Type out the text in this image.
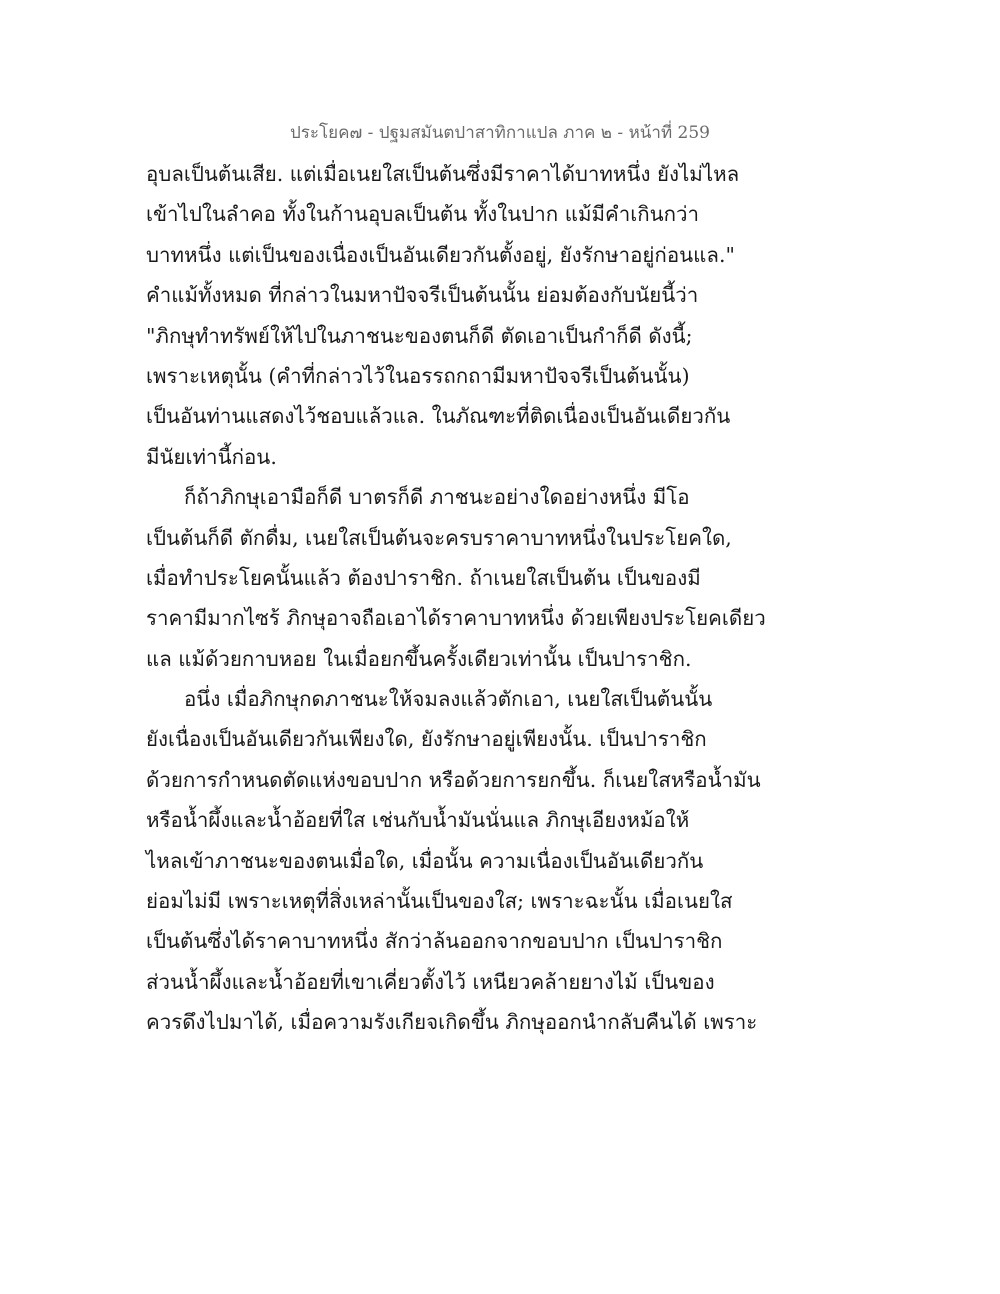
ประโยค๗ - ปฐมสมันตปาสาทิกาแปล ภาค ๒ - หน้าที่ 259
อุบลเป็นต้นเสีย. แต่เมื่อเนยใสเป็นต้นซึ่งมีราคาได้บาทหนึ่ง ยังไม่ไหล
เข้าไปในลำคอ ทั้งในก้านอุบลเป็นต้น ทั้งในปาก แม้มีคำเกินกว่า
บาทหนึ่ง แต่เป็นของเนื่องเป็นอันเดียวกันตั้งอยู่, ยังรักษาอยู่ก่อนแล."
คำแม้ทั้งหมด ที่กล่าวในมหาปัจจรีเป็นต้นนั้น ย่อมต้องกับนัยนี้ว่า
"ภิกษุทำทรัพย์ให้ไปในภาชนะของตนก็ดี ตัดเอาเป็นกำก็ดี ดังนี้;
เพราะเหตุนั้น (คำที่กล่าวไว้ในอรรถกถามีมหาปัจจรีเป็นต้นนั้น)
เป็นอันท่านแสดงไว้ชอบแล้วแล. ในภัณฑะที่ติดเนื่องเป็นอันเดียวกัน
มีนัยเท่านี้ก่อน.
ก็ถ้าภิกษุเอามือก็ดี บาตรก็ดี ภาชนะอย่างใดอย่างหนึ่ง มีโอ
เป็นต้นก็ดี ตักดื่ม, เนยใสเป็นต้นจะครบราคาบาทหนึ่งในประโยคใด,
เมื่อทำประโยคนั้นแล้ว ต้องปาราชิก. ถ้าเนยใสเป็นต้น เป็นของมี
ราคามีมากไซร้ ภิกษุอาจถือเอาได้ราคาบาทหนึ่ง ด้วยเพียงประโยคเดียว
แล แม้ด้วยกาบหอย ในเมื่อยกขึ้นครั้งเดียวเท่านั้น เป็นปาราชิก.
อนึ่ง เมื่อภิกษุกดภาชนะให้จมลงแล้วตักเอา, เนยใสเป็นต้นนั้น
ยังเนื่องเป็นอันเดียวกันเพียงใด, ยังรักษาอยู่เพียงนั้น. เป็นปาราชิก
ด้วยการกำหนดตัดแห่งขอบปาก หรือด้วยการยกขึ้น. ก็เนยใสหรือน้ำมัน
หรือน้ำผึ้งและน้ำอ้อยที่ใส เช่นกับน้ำมันนั่นแล ภิกษุเอียงหม้อให้
ไหลเข้าภาชนะของตนเมื่อใด, เมื่อนั้น ความเนื่องเป็นอันเดียวกัน
ย่อมไม่มี เพราะเหตุที่สิ่งเหล่านั้นเป็นของใส; เพราะฉะนั้น เมื่อเนยใส
เป็นต้นซึ่งได้ราคาบาทหนึ่ง สักว่าล้นออกจากขอบปาก เป็นปาราชิก
ส่วนน้ำผึ้งและน้ำอ้อยที่เขาเคี่ยวตั้งไว้ เหนียวคล้ายยางไม้ เป็นของ
ควรดึงไปมาได้, เมื่อความรังเกียจเกิดขึ้น ภิกษุออกนำกลับคืนได้ เพราะ
